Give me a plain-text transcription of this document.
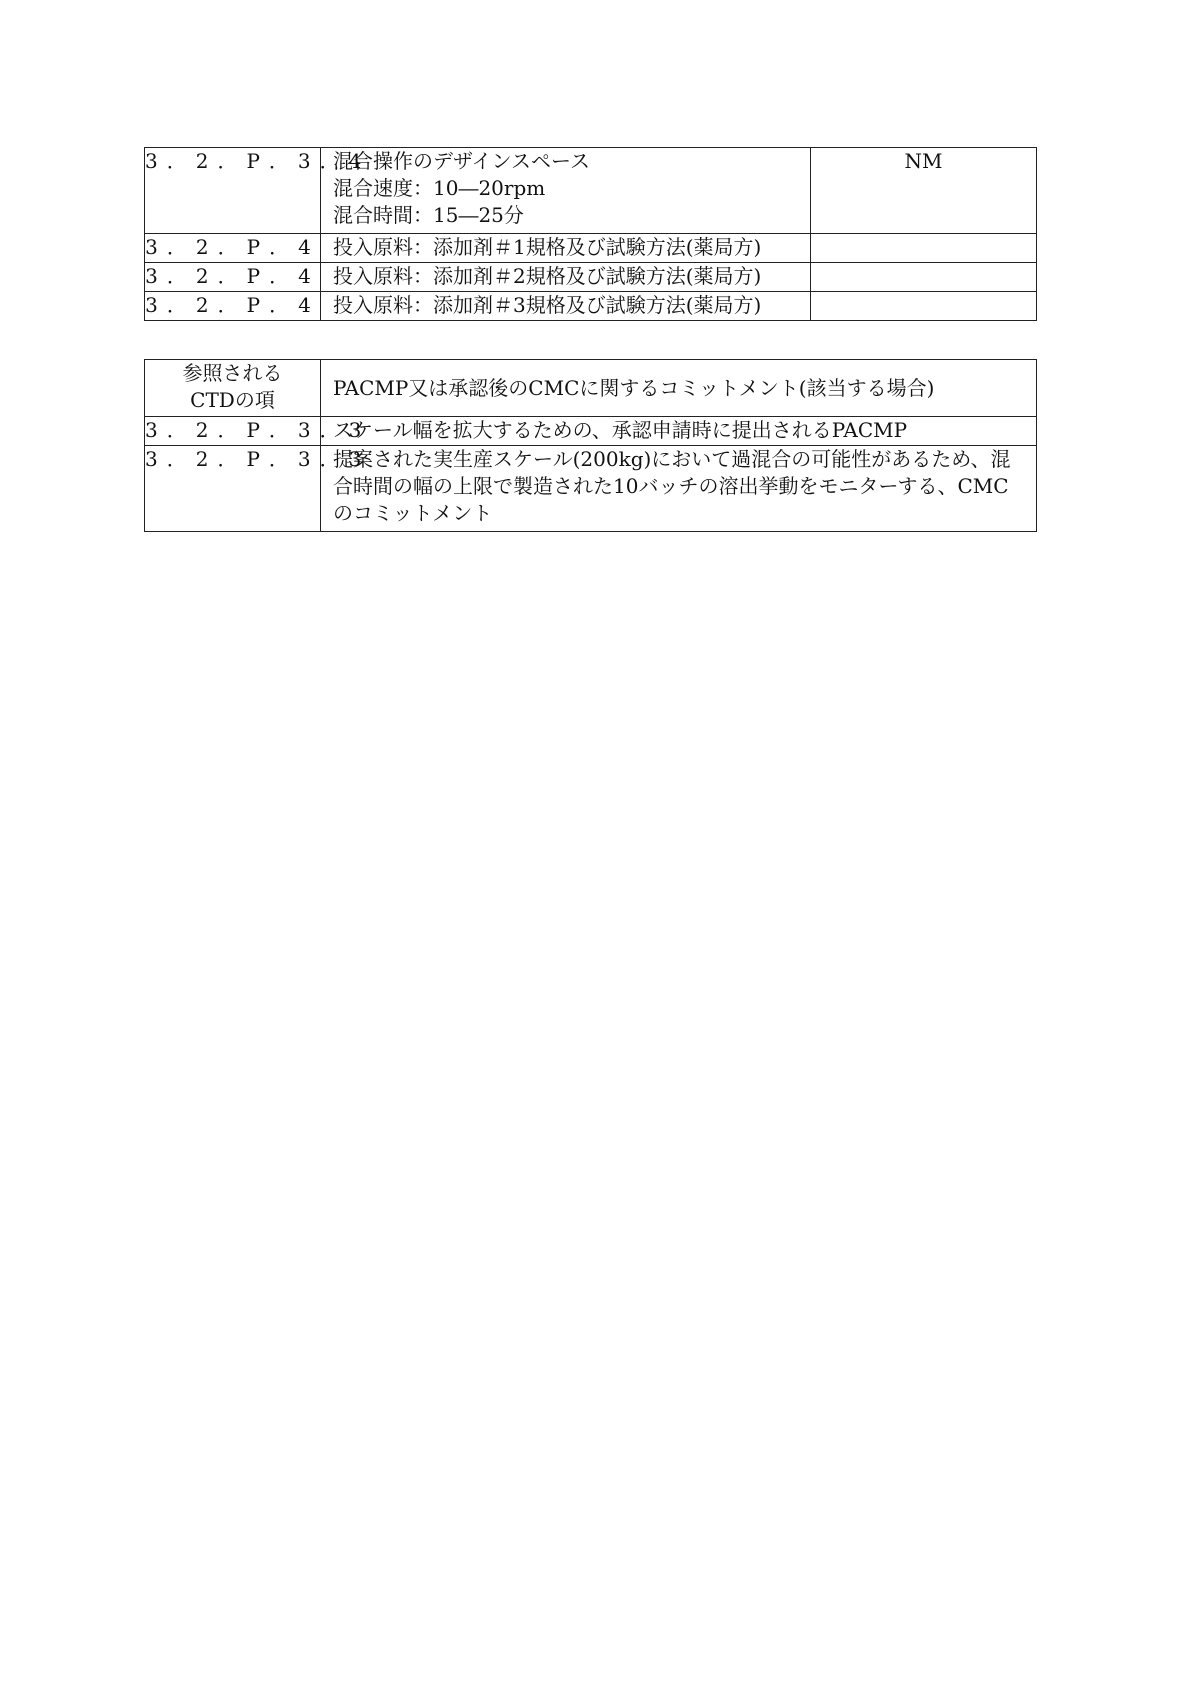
3．2．P．3．4	混合操作のデザインスペース
混合速度：10―20rpm
混合時間：15―25分	NM
3．2．P．4	投入原料：添加剤＃1規格及び試験方法(薬局方)	
3．2．P．4	投入原料：添加剤＃2規格及び試験方法(薬局方)	
3．2．P．4	投入原料：添加剤＃3規格及び試験方法(薬局方)	
参照される
CTDの項	PACMP又は承認後のCMCに関するコミットメント(該当する場合)
3．2．P．3．3	スケール幅を拡大するための、承認申請時に提出されるPACMP
3．2．P．3．3	提案された実生産スケール(200kg)において過混合の可能性があるため、混合時間の幅の上限で製造された10バッチの溶出挙動をモニターする、CMCのコミットメント
